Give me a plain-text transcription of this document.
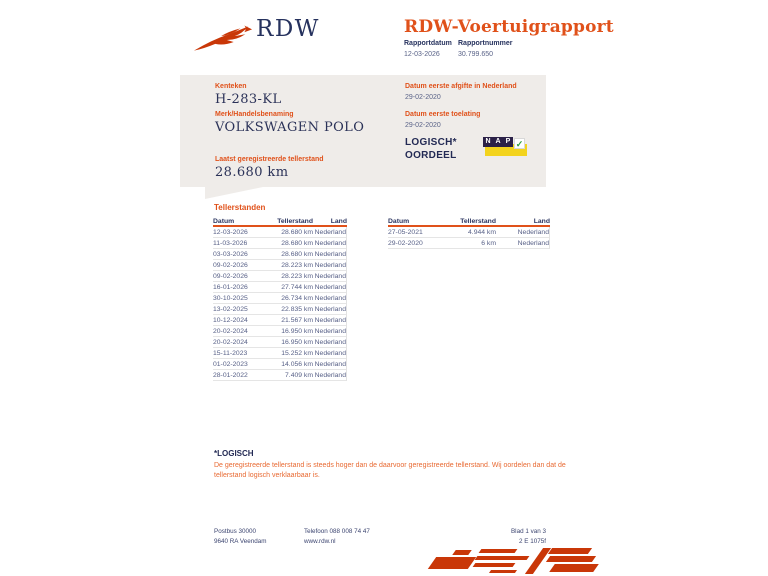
RDW	RDW-Voertuigrapport
Rapportdatum Rapportnummer
12-03-2026	30.799.650
Kenteken
H-283-KL
Merk/Handelsbenaming
VOLKSWAGEN POLO
Laatst geregistreerde tellerstand
28.680 km
Datum eerste afgifte in Nederland
29-02-2020
Datum eerste toelating
29-02-2020
LOGISCH*
OORDEEL
N A P ✓
Tellerstanden
Datum	Tellerstand	Land
12-03-2026	28.680 km Nederland
11-03-2026	28.680 km Nederland
03-03-2026	28.680 km Nederland
09-02-2026	28.223 km Nederland
09-02-2026	28.223 km Nederland
16-01-2026	27.744 km Nederland
30-10-2025	26.734 km Nederland
13-02-2025	22.835 km Nederland
10-12-2024	21.567 km Nederland
20-02-2024	16.950 km Nederland
20-02-2024	16.950 km Nederland
15-11-2023	15.252 km Nederland
01-02-2023	14.056 km Nederland
28-01-2022	7.409 km Nederland
Datum	Tellerstand	Land
27-05-2021	4.944 km	Nederland
29-02-2020	6 km	Nederland
*LOGISCH
De geregistreerde tellerstand is steeds hoger dan de daarvoor geregistreerde tellerstand. Wij oordelen dan dat de tellerstand logisch verklaarbaar is.
Postbus 30000
9640 RA Veendam
Telefoon 088 008 74 47
www.rdw.nl
Blad 1 van 3
2 E 1075f
